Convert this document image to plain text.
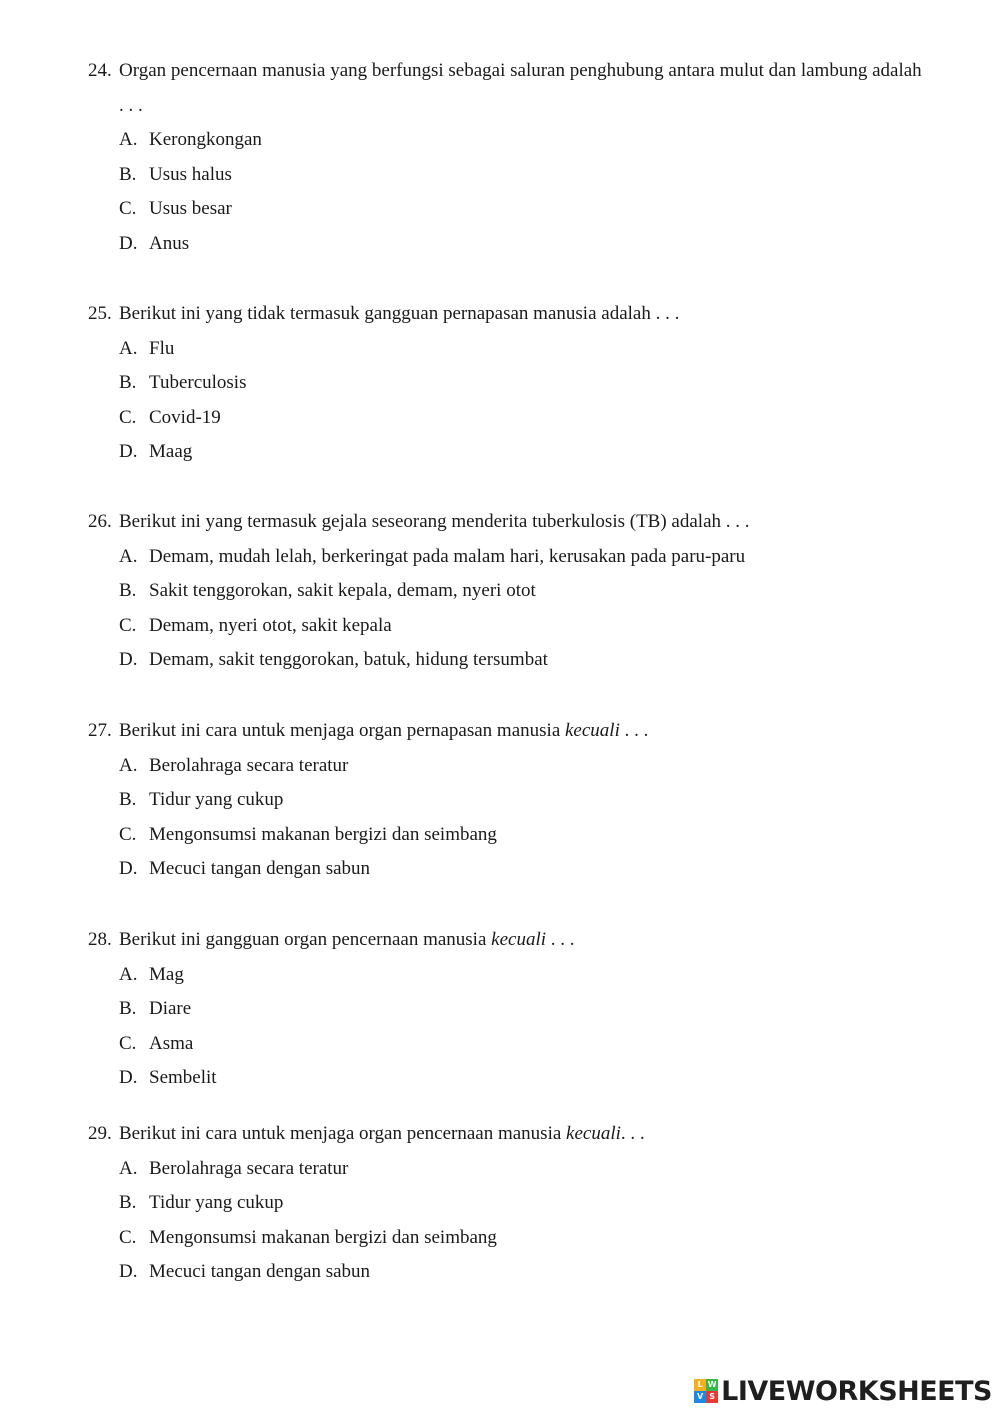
24. Organ pencernaan manusia yang berfungsi sebagai saluran penghubung antara mulut dan lambung adalah . . .
A. Kerongkongan
B. Usus halus
C. Usus besar
D. Anus
25. Berikut ini yang tidak termasuk gangguan pernapasan manusia adalah . . .
A. Flu
B. Tuberculosis
C. Covid-19
D. Maag
26. Berikut ini yang termasuk gejala seseorang menderita tuberkulosis (TB) adalah . . .
A. Demam, mudah lelah, berkeringat pada malam hari, kerusakan pada paru-paru
B. Sakit tenggorokan, sakit kepala, demam, nyeri otot
C. Demam, nyeri otot, sakit kepala
D. Demam, sakit tenggorokan, batuk, hidung tersumbat
27. Berikut ini cara untuk menjaga organ pernapasan manusia kecuali . . .
A. Berolahraga secara teratur
B. Tidur yang cukup
C. Mengonsumsi makanan bergizi dan seimbang
D. Mecuci tangan dengan sabun
28. Berikut ini gangguan organ pencernaan manusia kecuali . . .
A. Mag
B. Diare
C. Asma
D. Sembelit
29. Berikut ini cara untuk menjaga organ pencernaan manusia kecuali. . .
A. Berolahraga secara teratur
B. Tidur yang cukup
C. Mengonsumsi makanan bergizi dan seimbang
D. Mecuci tangan dengan sabun
L W
V S LIVEWORKSHEETS
